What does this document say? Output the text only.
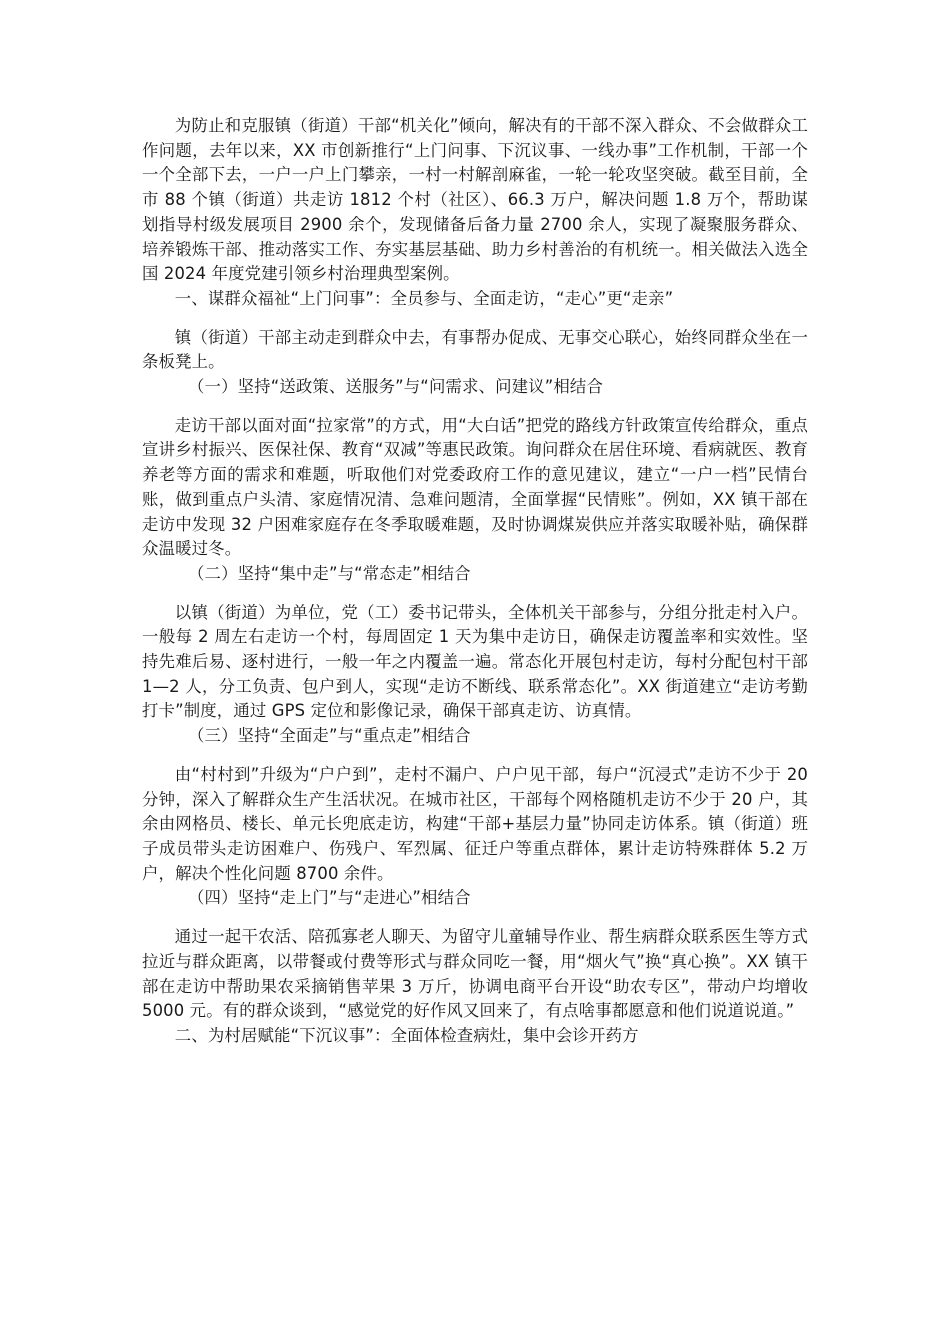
为防止和克服镇（街道）干部“机关化”倾向，解决有的干部不深入群众、不会做群众工作问题，去年以来，XX 市创新推行“上门问事、下沉议事、一线办事”工作机制，干部一个一个全部下去，一户一户上门攀亲，一村一村解剖麻雀，一轮一轮攻坚突破。截至目前，全市 88 个镇（街道）共走访 1812 个村（社区）、66.3 万户，解决问题 1.8 万个，帮助谋划指导村级发展项目 2900 余个，发现储备后备力量 2700 余人，实现了凝聚服务群众、培养锻炼干部、推动落实工作、夯实基层基础、助力乡村善治的有机统一。相关做法入选全国 2024 年度党建引领乡村治理典型案例。

一、谋群众福祉“上门问事”：全员参与、全面走访，“走心”更“走亲”

镇（街道）干部主动走到群众中去，有事帮办促成、无事交心联心，始终同群众坐在一条板凳上。

（一）坚持“送政策、送服务”与“问需求、问建议”相结合

走访干部以面对面“拉家常”的方式，用“大白话”把党的路线方针政策宣传给群众，重点宣讲乡村振兴、医保社保、教育“双减”等惠民政策。询问群众在居住环境、看病就医、教育养老等方面的需求和难题，听取他们对党委政府工作的意见建议，建立“一户一档”民情台账，做到重点户头清、家庭情况清、急难问题清，全面掌握“民情账”。例如，XX 镇干部在走访中发现 32 户困难家庭存在冬季取暖难题，及时协调煤炭供应并落实取暖补贴，确保群众温暖过冬。

（二）坚持“集中走”与“常态走”相结合

以镇（街道）为单位，党（工）委书记带头，全体机关干部参与，分组分批走村入户。一般每 2 周左右走访一个村，每周固定 1 天为集中走访日，确保走访覆盖率和实效性。坚持先难后易、逐村进行，一般一年之内覆盖一遍。常态化开展包村走访，每村分配包村干部 1—2 人，分工负责、包户到人，实现“走访不断线、联系常态化”。XX 街道建立“走访考勤打卡”制度，通过 GPS 定位和影像记录，确保干部真走访、访真情。

（三）坚持“全面走”与“重点走”相结合

由“村村到”升级为“户户到”，走村不漏户、户户见干部，每户“沉浸式”走访不少于 20 分钟，深入了解群众生产生活状况。在城市社区，干部每个网格随机走访不少于 20 户，其余由网格员、楼长、单元长兜底走访，构建“干部+基层力量”协同走访体系。镇（街道）班子成员带头走访困难户、伤残户、军烈属、征迁户等重点群体，累计走访特殊群体 5.2 万户，解决个性化问题 8700 余件。

（四）坚持“走上门”与“走进心”相结合

通过一起干农活、陪孤寡老人聊天、为留守儿童辅导作业、帮生病群众联系医生等方式拉近与群众距离，以带餐或付费等形式与群众同吃一餐，用“烟火气”换“真心换”。XX 镇干部在走访中帮助果农采摘销售苹果 3 万斤，协调电商平台开设“助农专区”，带动户均增收 5000 元。有的群众谈到，“感觉党的好作风又回来了，有点啥事都愿意和他们说道说道。”

二、为村居赋能“下沉议事”：全面体检查病灶，集中会诊开药方
